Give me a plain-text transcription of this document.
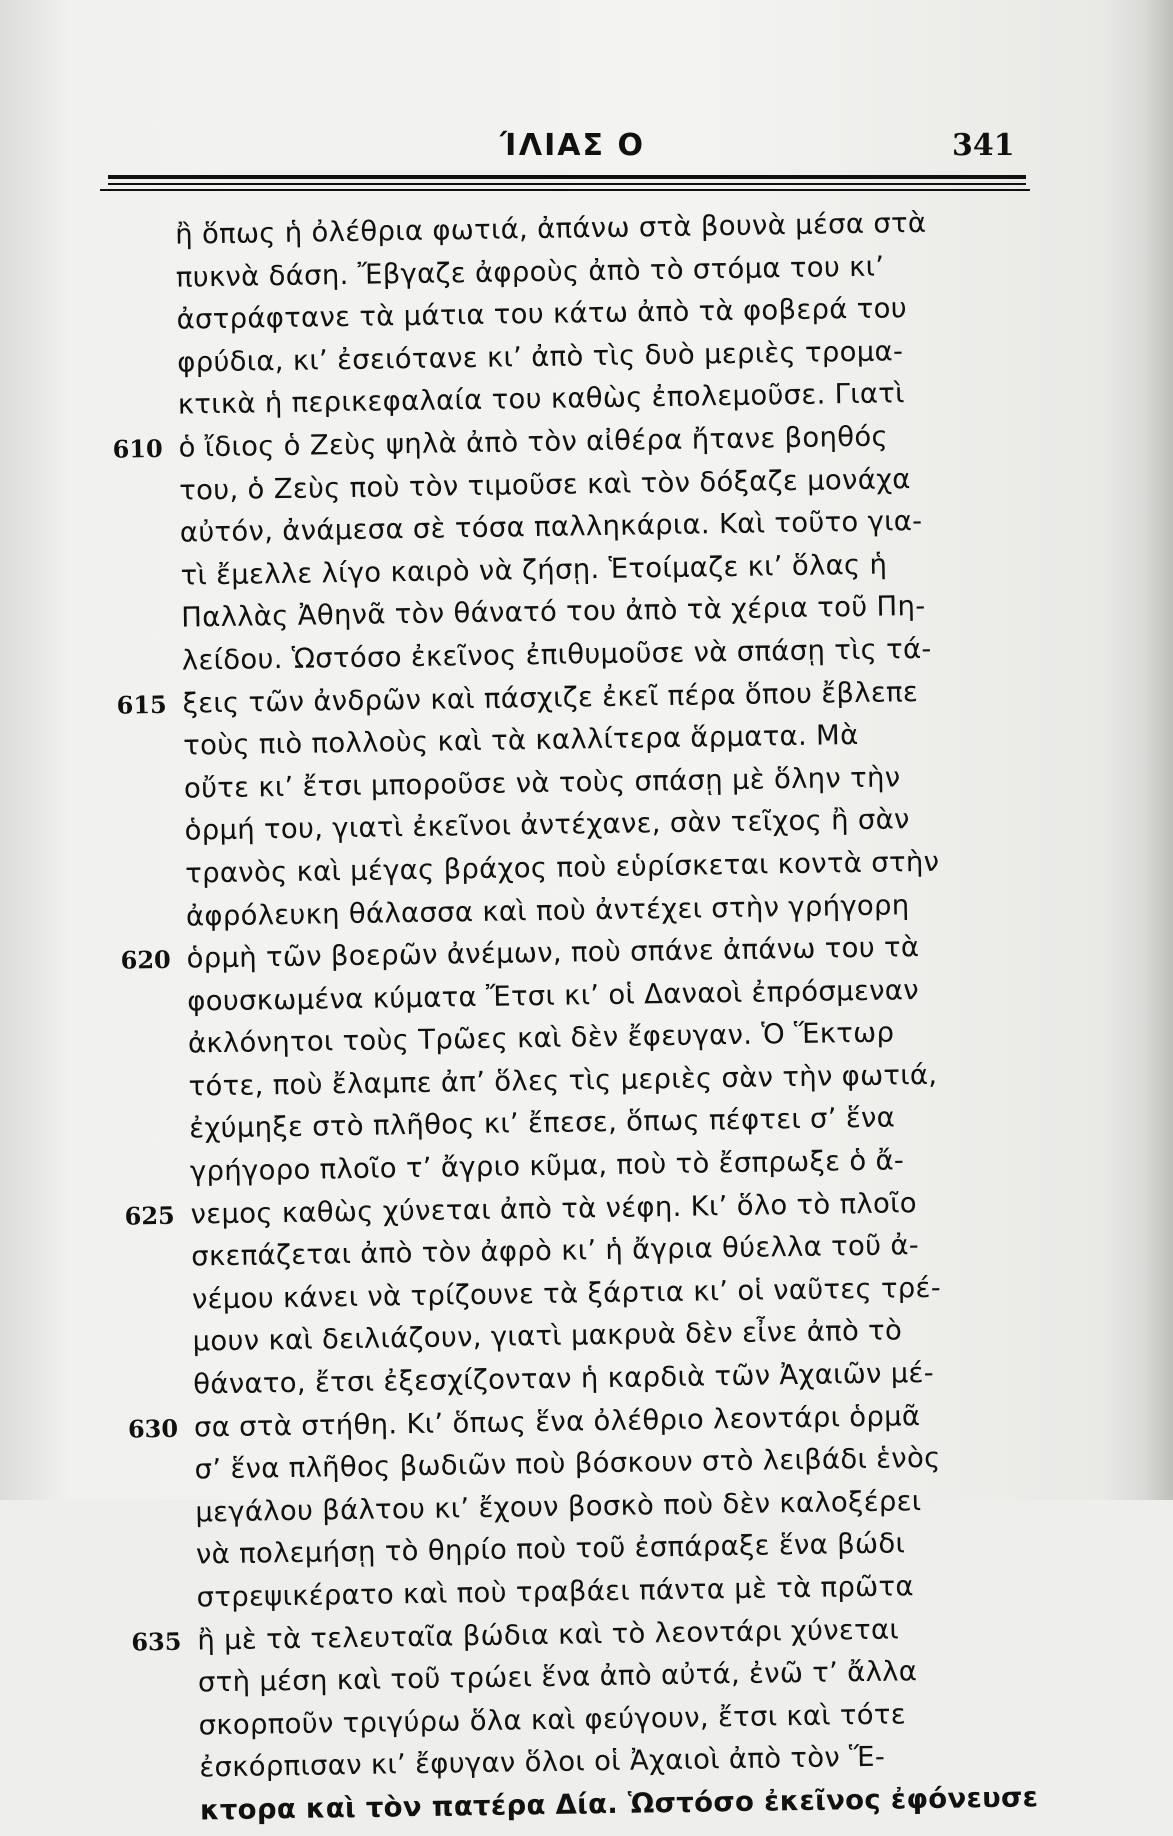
ΊΛΙΑΣ Ο	341
ἢ ὅπως ἡ ὀλέθρια φωτιά, ἀπάνω στὰ βουνὰ μέσα στὰ
πυκνὰ δάση. Ἔβγαζε ἀφροὺς ἀπὸ τὸ στόμα του κι’
ἀστράφτανε τὰ μάτια του κάτω ἀπὸ τὰ φοβερά του
φρύδια, κι’ ἐσειότανε κι’ ἀπὸ τὶς δυὸ μεριὲς τρομα-
κτικὰ ἡ περικεφαλαία του καθὼς ἐπολεμοῦσε. Γιατὶ
610 ὁ ἴδιος ὁ Ζεὺς ψηλὰ ἀπὸ τὸν αἰθέρα ἤτανε βοηθός
του, ὁ Ζεὺς ποὺ τὸν τιμοῦσε καὶ τὸν δόξαζε μονάχα
αὐτόν, ἀνάμεσα σὲ τόσα παλληκάρια. Καὶ τοῦτο για-
τὶ ἔμελλε λίγο καιρὸ νὰ ζήσῃ. Ἑτοίμαζε κι’ ὅλας ἡ
Παλλὰς Ἀθηνᾶ τὸν θάνατό του ἀπὸ τὰ χέρια τοῦ Πη-
λείδου. Ὡστόσο ἐκεῖνος ἐπιθυμοῦσε νὰ σπάσῃ τὶς τά-
615 ξεις τῶν ἀνδρῶν καὶ πάσχιζε ἐκεῖ πέρα ὅπου ἔβλεπε
τοὺς πιὸ πολλοὺς καὶ τὰ καλλίτερα ἅρματα. Μὰ
οὔτε κι’ ἔτσι μποροῦσε νὰ τοὺς σπάσῃ μὲ ὅλην τὴν
ὁρμή του, γιατὶ ἐκεῖνοι ἀντέχανε, σὰν τεῖχος ἢ σὰν
τρανὸς καὶ μέγας βράχος ποὺ εὑρίσκεται κοντὰ στὴν
ἀφρόλευκη θάλασσα καὶ ποὺ ἀντέχει στὴν γρήγορη
620 ὁρμὴ τῶν βοερῶν ἀνέμων, ποὺ σπάνε ἀπάνω του τὰ
φουσκωμένα κύματα Ἔτσι κι’ οἱ Δαναοὶ ἐπρόσμεναν
ἀκλόνητοι τοὺς Τρῶες καὶ δὲν ἔφευγαν. Ὁ Ἕκτωρ
τότε, ποὺ ἔλαμπε ἀπ’ ὅλες τὶς μεριὲς σὰν τὴν φωτιά,
ἐχύμηξε στὸ πλῆθος κι’ ἔπεσε, ὅπως πέφτει σ’ ἕνα
γρήγορο πλοῖο τ’ ἄγριο κῦμα, ποὺ τὸ ἔσπρωξε ὁ ἄ-
625 νεμος καθὼς χύνεται ἀπὸ τὰ νέφη. Κι’ ὅλο τὸ πλοῖο
σκεπάζεται ἀπὸ τὸν ἀφρὸ κι’ ἡ ἄγρια θύελλα τοῦ ἀ-
νέμου κάνει νὰ τρίζουνε τὰ ξάρτια κι’ οἱ ναῦτες τρέ-
μουν καὶ δειλιάζουν, γιατὶ μακρυὰ δὲν εἶνε ἀπὸ τὸ
θάνατο, ἔτσι ἐξεσχίζονταν ἡ καρδιὰ τῶν Ἀχαιῶν μέ-
630 σα στὰ στήθη. Κι’ ὅπως ἕνα ὀλέθριο λεοντάρι ὁρμᾶ
σ’ ἕνα πλῆθος βωδιῶν ποὺ βόσκουν στὸ λειβάδι ἑνὸς
μεγάλου βάλτου κι’ ἔχουν βοσκὸ ποὺ δὲν καλοξέρει
νὰ πολεμήσῃ τὸ θηρίο ποὺ τοῦ ἐσπάραξε ἕνα βώδι
στρεψικέρατο καὶ ποὺ τραβάει πάντα μὲ τὰ πρῶτα
635 ἢ μὲ τὰ τελευταῖα βώδια καὶ τὸ λεοντάρι χύνεται
στὴ μέση καὶ τοῦ τρώει ἕνα ἀπὸ αὐτά, ἐνῶ τ’ ἄλλα
σκορποῦν τριγύρω ὅλα καὶ φεύγουν, ἔτσι καὶ τότε
ἐσκόρπισαν κι’ ἔφυγαν ὅλοι οἱ Ἀχαιοὶ ἀπὸ τὸν Ἕ-
κτορα καὶ τὸν πατέρα Δία. Ὡστόσο ἐκεῖνος ἐφόνευσε
